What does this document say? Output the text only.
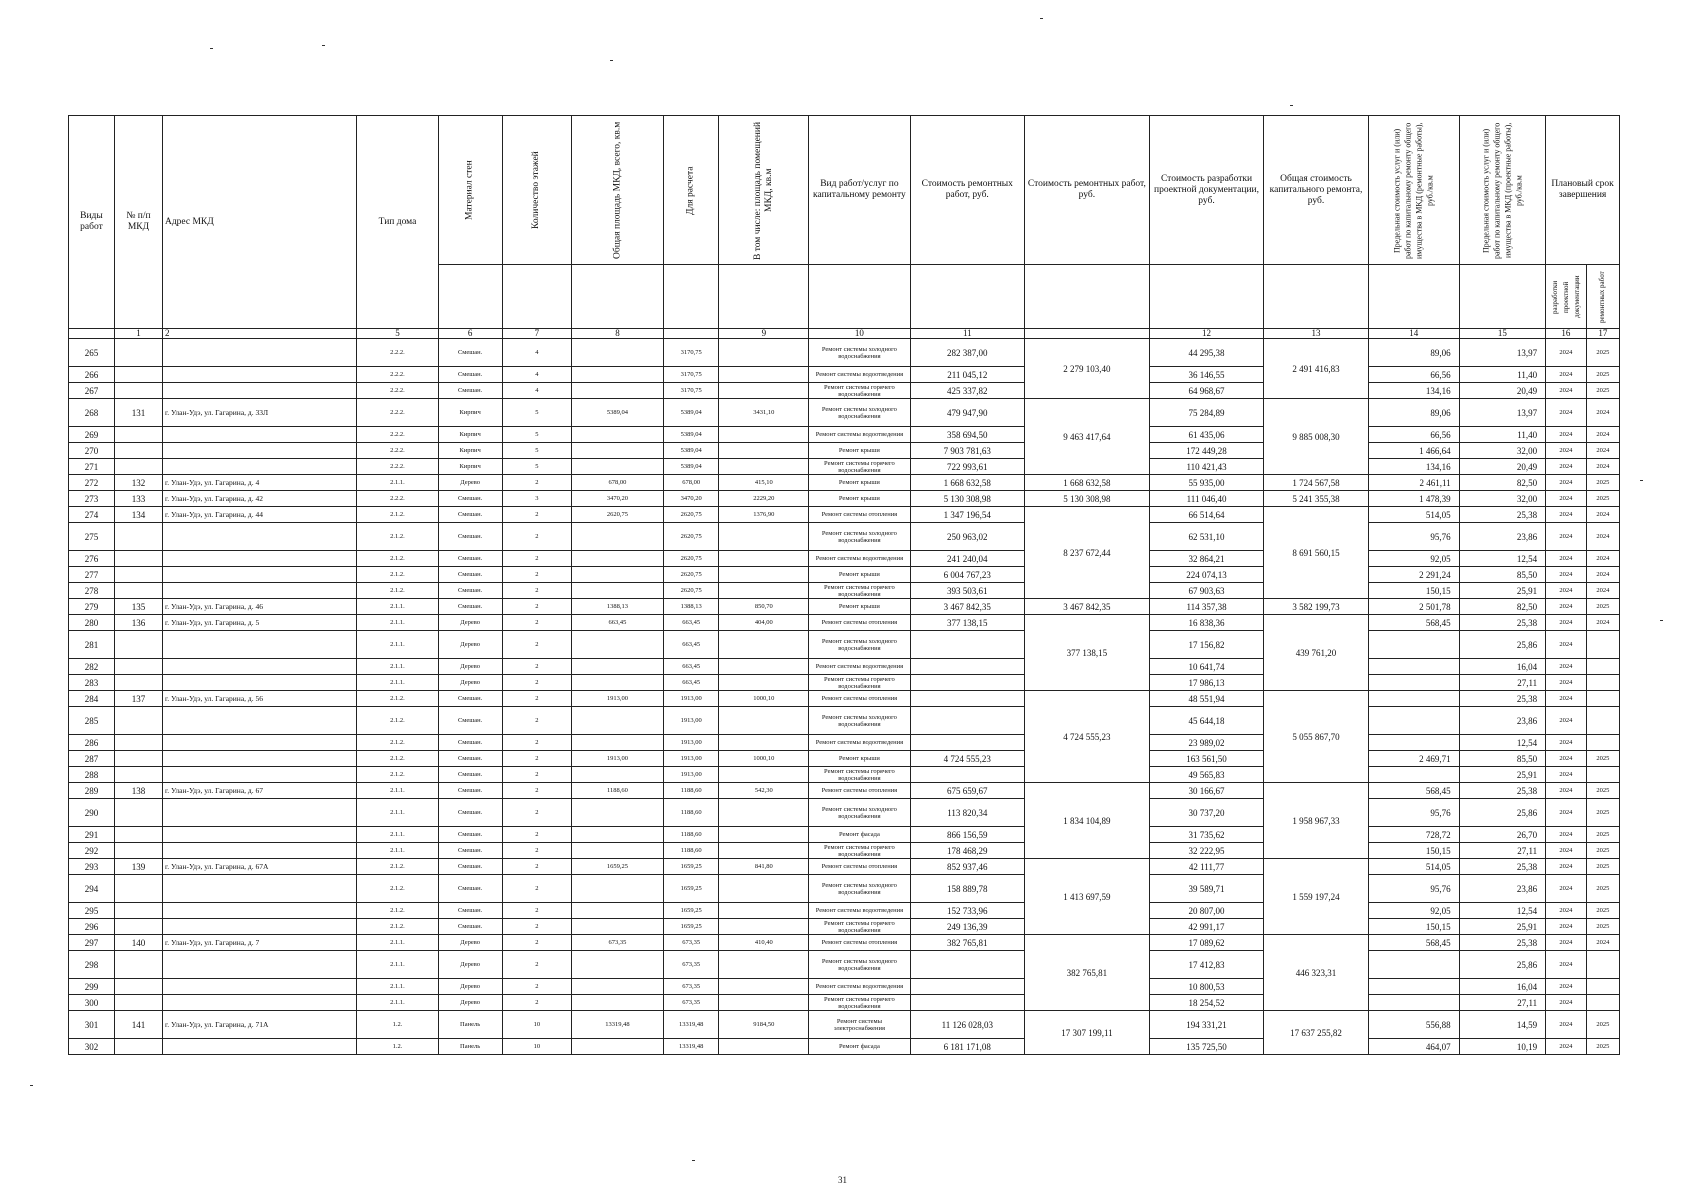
Виды работ	№ п/п МКД	Адрес МКД	Тип дома	Материал стен	Количество этажей	Общая площадь МКД, всего, кв.м	Для расчета	В том числе: площадь помещений МКД, кв.м	Вид работ/услуг по капитальному ремонту	Стоимость ремонтных работ, руб.	Стоимость ремонтных работ, руб.	Стоимость разработки проектной документации, руб.	Общая стоимость капитального ремонта, руб.	Предельная стоимость услуг и (или) работ по капитальному ремонту общего имущества в МКД (ремонтные работы), руб./кв.м	Предельная стоимость услуг и (или) работ по капитальному ремонту общего имущества в МКД (проектные работы), руб./кв.м	Плановый срок завершения	
																разработки проектной документации	ремонтных работ
	1	2	5	6	7	8		9	10	11		12	13	14	15	16	17
265			2.2.2.	Смешан.	4		3170,75		Ремонт системы холодного водоснабжения	282 387,00	2 279 103,40	44 295,38	2 491 416,83	89,06	13,97	2024	2025
266			2.2.2.	Смешан.	4		3170,75		Ремонт системы водоотведения	211 045,12		36 146,55		66,56	11,40	2024	2025
267			2.2.2.	Смешан.	4		3170,75		Ремонт системы горячего водоснабжения	425 337,82		64 968,67		134,16	20,49	2024	2025
268	131	г. Улан-Удэ, ул. Гагарина, д. 33Л	2.2.2.	Кирпич	5	5389,04	5389,04	3431,10	Ремонт системы холодного водоснабжения	479 947,90	9 463 417,64	75 284,89	9 885 008,30	89,06	13,97	2024	2024
269			2.2.2.	Кирпич	5		5389,04		Ремонт системы водоотведения	358 694,50		61 435,06		66,56	11,40	2024	2024
270			2.2.2.	Кирпич	5		5389,04		Ремонт крыши	7 903 781,63		172 449,28		1 466,64	32,00	2024	2024
271			2.2.2.	Кирпич	5		5389,04		Ремонт системы горячего водоснабжения	722 993,61		110 421,43		134,16	20,49	2024	2024
272	132	г. Улан-Удэ, ул. Гагарина, д. 4	2.1.1.	Дерево	2	678,00	678,00	415,10	Ремонт крыши	1 668 632,58	1 668 632,58	55 935,00	1 724 567,58	2 461,11	82,50	2024	2025
273	133	г. Улан-Удэ, ул. Гагарина, д. 42	2.2.2.	Смешан.	3	3470,20	3470,20	2229,20	Ремонт крыши	5 130 308,98	5 130 308,98	111 046,40	5 241 355,38	1 478,39	32,00	2024	2025
274	134	г. Улан-Удэ, ул. Гагарина, д. 44	2.1.2.	Смешан.	2	2620,75	2620,75	1376,90	Ремонт системы отопления	1 347 196,54	8 237 672,44	66 514,64	8 691 560,15	514,05	25,38	2024	2024
275			2.1.2.	Смешан.	2		2620,75		Ремонт системы холодного водоснабжения	250 963,02		62 531,10		95,76	23,86	2024	2024
276			2.1.2.	Смешан.	2		2620,75		Ремонт системы водоотведения	241 240,04		32 864,21		92,05	12,54	2024	2024
277			2.1.2.	Смешан.	2		2620,75		Ремонт крыши	6 004 767,23		224 074,13		2 291,24	85,50	2024	2024
278			2.1.2.	Смешан.	2		2620,75		Ремонт системы горячего водоснабжения	393 503,61		67 903,63		150,15	25,91	2024	2024
279	135	г. Улан-Удэ, ул. Гагарина, д. 46	2.1.1.	Смешан.	2	1388,13	1388,13	850,70	Ремонт крыши	3 467 842,35	3 467 842,35	114 357,38	3 582 199,73	2 501,78	82,50	2024	2025
280	136	г. Улан-Удэ, ул. Гагарина, д. 5	2.1.1.	Дерево	2	663,45	663,45	404,00	Ремонт системы отопления	377 138,15	377 138,15	16 838,36	439 761,20	568,45	25,38	2024	2024
281			2.1.1.	Дерево	2		663,45		Ремонт системы холодного водоснабжения			17 156,82			25,86	2024	
282			2.1.1.	Дерево	2		663,45		Ремонт системы водоотведения			10 641,74			16,04	2024	
283			2.1.1.	Дерево	2		663,45		Ремонт системы горячего водоснабжения			17 986,13			27,11	2024	
284	137	г. Улан-Удэ, ул. Гагарина, д. 56	2.1.2.	Смешан.	2	1913,00	1913,00	1000,10	Ремонт системы отопления		4 724 555,23	48 551,94	5 055 867,70		25,38	2024	
285			2.1.2.	Смешан.	2		1913,00		Ремонт системы холодного водоснабжения			45 644,18			23,86	2024	
286			2.1.2.	Смешан.	2		1913,00		Ремонт системы водоотведения			23 989,02			12,54	2024	
287			2.1.2.	Смешан.	2	1913,00	1913,00	1000,10	Ремонт крыши	4 724 555,23		163 561,50		2 469,71	85,50	2024	2025
288			2.1.2.	Смешан.	2		1913,00		Ремонт системы горячего водоснабжения			49 565,83			25,91	2024	
289	138	г. Улан-Удэ, ул. Гагарина, д. 67	2.1.1.	Смешан.	2	1188,60	1188,60	542,30	Ремонт системы отопления	675 659,67	1 834 104,89	30 166,67	1 958 967,33	568,45	25,38	2024	2025
290			2.1.1.	Смешан.	2		1188,60		Ремонт системы холодного водоснабжения	113 820,34		30 737,20		95,76	25,86	2024	2025
291			2.1.1.	Смешан.	2		1188,60		Ремонт фасада	866 156,59		31 735,62		728,72	26,70	2024	2025
292			2.1.1.	Смешан.	2		1188,60		Ремонт системы горячего водоснабжения	178 468,29		32 222,95		150,15	27,11	2024	2025
293	139	г. Улан-Удэ, ул. Гагарина, д. 67А	2.1.2.	Смешан.	2	1659,25	1659,25	841,80	Ремонт системы отопления	852 937,46	1 413 697,59	42 111,77	1 559 197,24	514,05	25,38	2024	2025
294			2.1.2.	Смешан.	2		1659,25		Ремонт системы холодного водоснабжения	158 889,78		39 589,71		95,76	23,86	2024	2025
295			2.1.2.	Смешан.	2		1659,25		Ремонт системы водоотведения	152 733,96		20 807,00		92,05	12,54	2024	2025
296			2.1.2.	Смешан.	2		1659,25		Ремонт системы горячего водоснабжения	249 136,39		42 991,17		150,15	25,91	2024	2025
297	140	г. Улан-Удэ, ул. Гагарина, д. 7	2.1.1.	Дерево	2	673,35	673,35	410,40	Ремонт системы отопления	382 765,81	382 765,81	17 089,62	446 323,31	568,45	25,38	2024	2024
298			2.1.1.	Дерево	2		673,35		Ремонт системы холодного водоснабжения			17 412,83			25,86	2024	
299			2.1.1.	Дерево	2		673,35		Ремонт системы водоотведения			10 800,53			16,04	2024	
300			2.1.1.	Дерево	2		673,35		Ремонт системы горячего водоснабжения			18 254,52			27,11	2024	
301	141	г. Улан-Удэ, ул. Гагарина, д. 71А	1.2.	Панель	10	13319,48	13319,48	9184,50	Ремонт системы электроснабжения	11 126 028,03	17 307 199,11	194 331,21	17 637 255,82	556,88	14,59	2024	2025
302			1.2.	Панель	10		13319,48		Ремонт фасада	6 181 171,08		135 725,50		464,07	10,19	2024	2025
31
